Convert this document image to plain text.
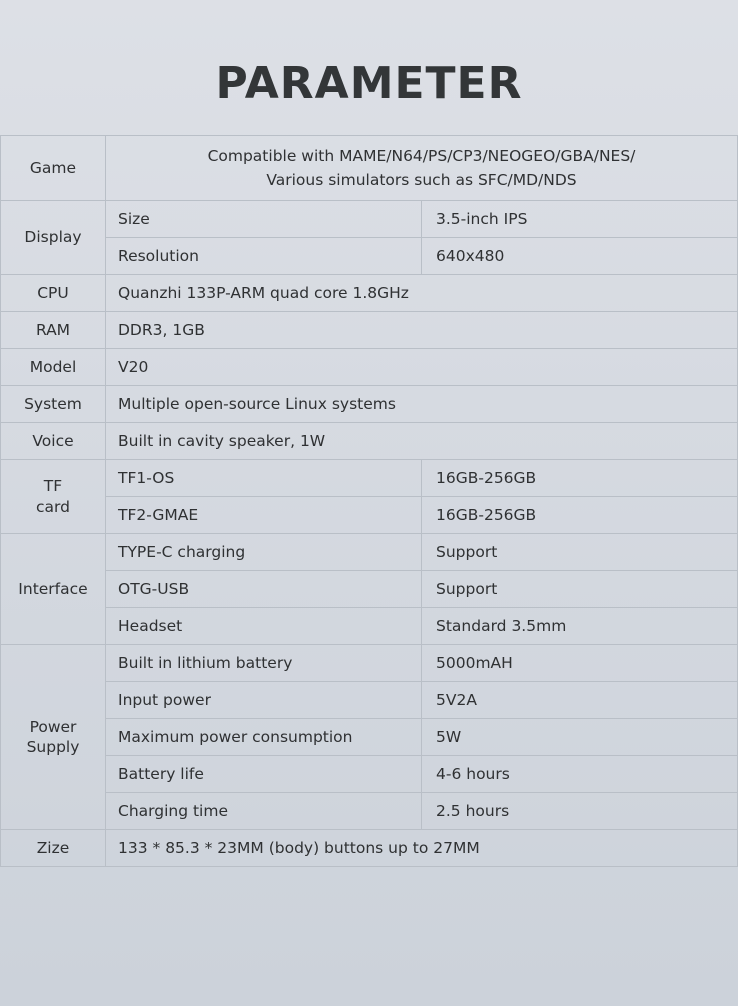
PARAMETER
Game	Compatible with MAME/N64/PS/CP3/NEOGEO/GBA/NES/
Various simulators such as SFC/MD/NDS	

Display	Size	3.5-inch IPS
	Resolution	640x480
CPU	Quanzhi 133P-ARM quad core 1.8GHz	
RAM	DDR3, 1GB	
Model	V20	
System	Multiple open-source Linux systems	
Voice	Built in cavity speaker, 1W	

TF
card	TF1-OS	16GB-256GB
	TF2-GMAE	16GB-256GB
Interface	TYPE-C charging	Support
	OTG-USB	Support
	Headset	Standard 3.5mm

Power
Supply	Built in lithium battery	5000mAH
	Input power	5V2A
	Maximum power consumption	5W
	Battery life	4-6 hours
	Charging time	2.5 hours
Zize	133 * 85.3 * 23MM (body) buttons up to 27MM	
